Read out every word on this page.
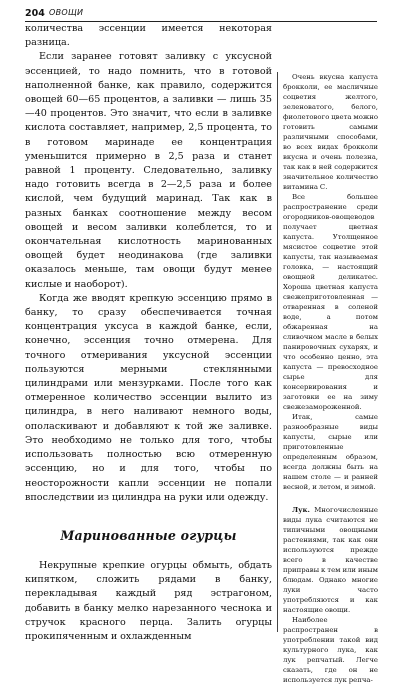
204 ОВОЩИ

количества эссенции имеется некоторая разница.

Если заранее готовят заливку с уксусной эссенцией, то надо помнить, что в готовой наполненной банке, как правило, содержится овощей 60—65 процентов, а заливки — лишь 35—40 процентов. Это значит, что если в заливке кислота составляет, например, 2,5 процента, то в готовом маринаде ее концентрация уменьшится примерно в 2,5 раза и станет равной 1 проценту. Следовательно, заливку надо готовить всегда в 2—2,5 раза и более кислой, чем будущий маринад. Так как в разных банках соотношение между весом овощей и весом заливки колеблется, то и окончательная кислотность маринованных овощей будет неодинакова (где заливки оказалось меньше, там овощи будут менее кислые и наоборот).

Когда же вводят крепкую эссенцию прямо в банку, то сразу обеспечивается точная концентрация уксуса в каждой банке, если, конечно, эссенция точно отмерена. Для точного отмеривания уксусной эссенции пользуются мерными стеклянными цилиндрами или мензурками. После того как отмеренное количество эссенции вылито из цилиндра, в него наливают немного воды, ополаскивают и добавляют к той же заливке. Это необходимо не только для того, чтобы использовать полностью всю отмеренную эссенцию, но и для того, чтобы по неосторожности капли эссенции не попали впоследствии из цилиндра на руки или одежду.

Маринованные огурцы

Некрупные крепкие огурцы обмыть, обдать кипятком, сложить рядами в банку, перекладывая каждый ряд эстрагоном, добавить в банку мелко нарезанного чеснока и стручок красного перца. Залить огурцы прокипяченным и охлажденным

Очень вкусна капуста брокколи, ее масличные соцветия желтого, зеленоватого, белого, фиолетового цвета можно готовить самыми различными способами, во всех видах брокколи вкусна и очень полезна, так как в ней содержится значительное количество витамина С.

Все большее распространение среди огородников-овощеводов получает цветная капуста. Утолщенное мясистое соцветие этой капусты, так называемая головка, — настоящий овощной деликатес. Хороша цветная капуста свежеприготовленная — отваренная в соленой воде, а потом обжаренная на сливочном масле в белых панировочных сухарях, и что особенно ценно, эта капуста — превосходное сырье для консервирования и заготовки ее на зиму свежезамороженной.

Итак, самые разнообразные виды капусты, сырые или приготовленные определенным образом, всегда должны быть на нашем столе — и ранней весной, и летом, и зимой.

Лук. Многочисленные виды лука считаются не типичными овощными растениями, так как они используются прежде всего в качестве приправы к тем или иным блюдам. Однако многие луки часто употребляются и как настоящие овощи.

Наиболее распространен в употреблении такой вид культурного лука, как лук репчатый. Легче сказать, где он не используется лук репча-
